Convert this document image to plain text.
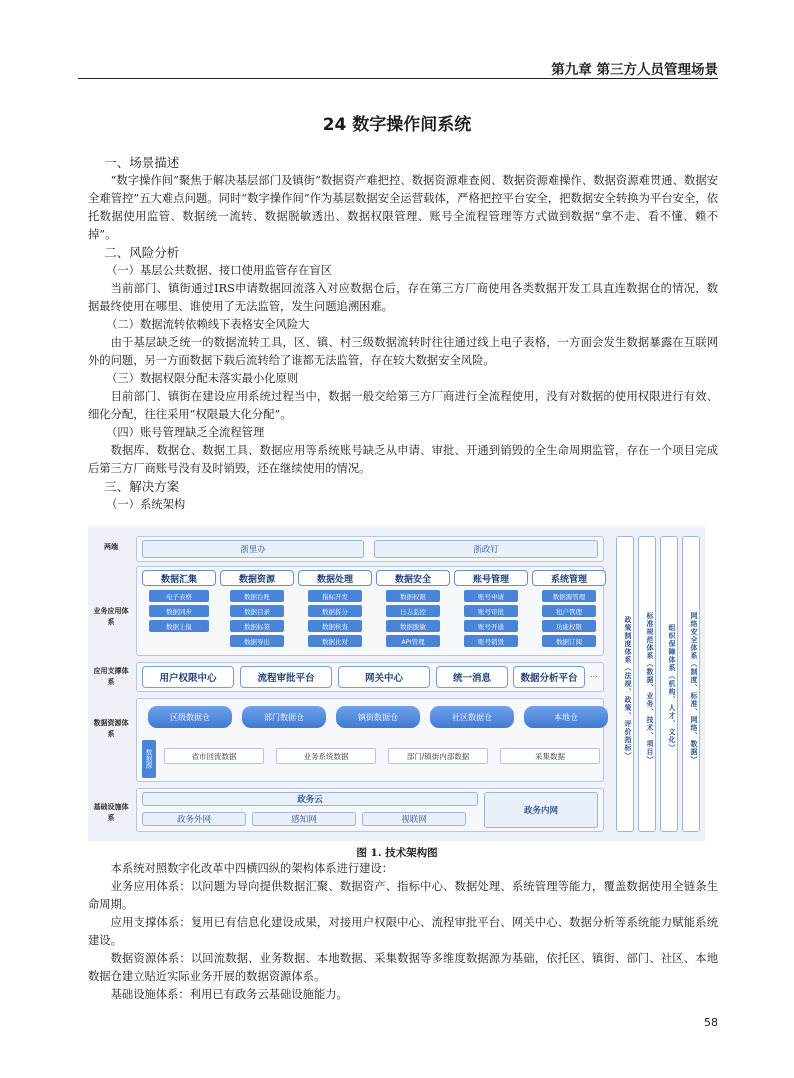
第九章 第三方人员管理场景
24 数字操作间系统

一、场景描述

“数字操作间”聚焦于解决基层部门及镇街“数据资产难把控、数据资源难查阅、数据资源难操作、数据资源难贯通、数据安全难管控”五大难点问题。同时“数字操作间”作为基层数据安全运营载体，严格把控平台安全，把数据安全转换为平台安全，依托数据使用监管、数据统一流转、数据脱敏透出、数据权限管理、账号全流程管理等方式做到数据“拿不走、看不懂、赖不掉”。

二、风险分析

（一）基层公共数据、接口使用监管存在盲区

当前部门、镇街通过IRS申请数据回流落入对应数据仓后，存在第三方厂商使用各类数据开发工具直连数据仓的情况，数据最终使用在哪里、谁使用了无法监管，发生问题追溯困难。

（二）数据流转依赖线下表格安全风险大

由于基层缺乏统一的数据流转工具，区、镇、村三级数据流转时往往通过线上电子表格，一方面会发生数据暴露在互联网外的问题，另一方面数据下载后流转给了谁都无法监管，存在较大数据安全风险。

（三）数据权限分配未落实最小化原则

目前部门、镇街在建设应用系统过程当中，数据一般交给第三方厂商进行全流程使用，没有对数据的使用权限进行有效、细化分配，往往采用“权限最大化分配”。

（四）账号管理缺乏全流程管理

数据库、数据仓、数据工具、数据应用等系统账号缺乏从申请、审批、开通到销毁的全生命周期监管，存在一个项目完成后第三方厂商账号没有及时销毁，还在继续使用的情况。

三、解决方案

（一）系统架构

两端
业务应用体系
应用支撑体系
数据资源体系
基础设施体系
浙里办	浙政钉
数据汇集
电子表格
数据同步
数据上报
数据资源
数据台账
数据目录
数据标签
数据导出
数据处理
指标开发
数据拆分
数据核查
数据比对
数据安全
数据权限
日志监控
数据脱敏
API管理
账号管理
账号申请
账号审批
账号开通
账号销毁
系统管理
数据源管理
租户管理
功能权限
数据订阅
用户权限中心	流程审批平台	网关中心	统一消息	数据分析平台	...
区级数据仓	部门数据仓	镇街数据仓	社区数据仓	本地仓
数据源	省市回流数据	业务系统数据	部门/镇街内部数据	采集数据
政务云
政务外网	感知网	视联网
政务内网
政策制度体系（法规、政策、评价指标）	标准规范体系（数据、业务、技术、项目）	组织保障体系（机构、人才、文化）	网络安全体系（制度、标准、网络、数据）
图 1. 技术架构图

本系统对照数字化改革中四横四纵的架构体系进行建设：

业务应用体系：以问题为导向提供数据汇聚、数据资产、指标中心、数据处理、系统管理等能力，覆盖数据使用全链条生命周期。

应用支撑体系：复用已有信息化建设成果，对接用户权限中心、流程审批平台、网关中心、数据分析等系统能力赋能系统建设。

数据资源体系：以回流数据、业务数据、本地数据、采集数据等多维度数据源为基础，依托区、镇街、部门、社区、本地数据仓建立贴近实际业务开展的数据资源体系。

基础设施体系：利用已有政务云基础设施能力。

58
